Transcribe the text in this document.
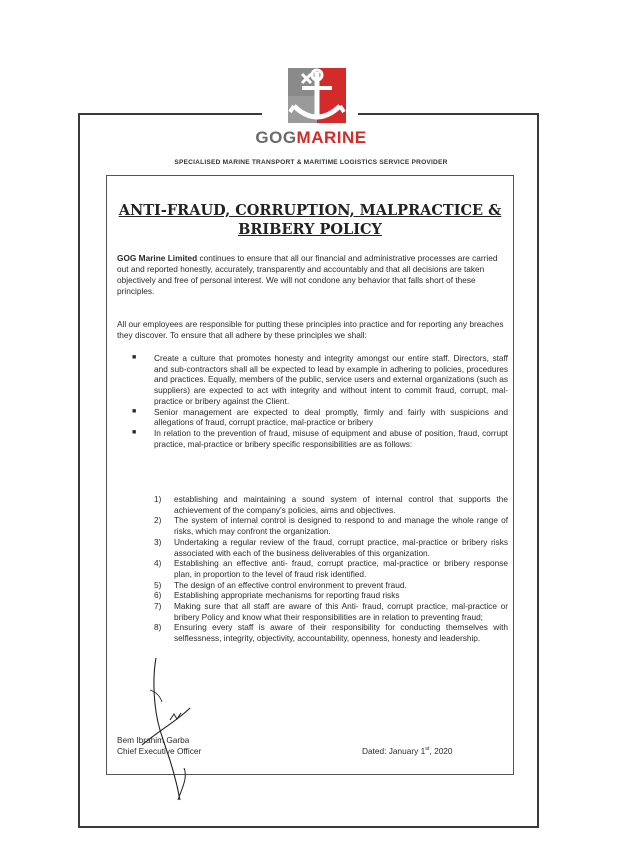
GOGMARINE
SPECIALISED MARINE TRANSPORT & MARITIME LOGISTICS SERVICE PROVIDER
ANTI-FRAUD, CORRUPTION, MALPRACTICE &
BRIBERY POLICY
GOG Marine Limited continues to ensure that all our financial and administrative processes are carried out and reported honestly, accurately, transparently and accountably and that all decisions are taken objectively and free of personal interest. We will not condone any behavior that falls short of these principles.
All our employees are responsible for putting these principles into practice and for reporting any breaches they discover. To ensure that all adhere by these principles we shall:
■ Create a culture that promotes honesty and integrity amongst our entire staff. Directors, staff and sub-contractors shall all be expected to lead by example in adhering to policies, procedures and practices. Equally, members of the public, service users and external organizations (such as suppliers) are expected to act with integrity and without intent to commit fraud, corrupt, mal-practice or bribery against the Client.
■ Senior management are expected to deal promptly, firmly and fairly with suspicions and allegations of fraud, corrupt practice, mal-practice or bribery
■ In relation to the prevention of fraud, misuse of equipment and abuse of position, fraud, corrupt practice, mal-practice or bribery specific responsibilities are as follows:
1) establishing and maintaining a sound system of internal control that supports the achievement of the company's policies, aims and objectives.
2) The system of internal control is designed to respond to and manage the whole range of risks, which may confront the organization.
3) Undertaking a regular review of the fraud, corrupt practice, mal-practice or bribery risks associated with each of the business deliverables of this organization.
4) Establishing an effective anti- fraud, corrupt practice, mal-practice or bribery response plan, in proportion to the level of fraud risk identified.
5) The design of an effective control environment to prevent fraud.
6) Establishing appropriate mechanisms for reporting fraud risks
7) Making sure that all staff are aware of this Anti- fraud, corrupt practice, mal-practice or bribery Policy and know what their responsibilities are in relation to preventing fraud;
8) Ensuring every staff is aware of their responsibility for conducting themselves with selflessness, integrity, objectivity, accountability, openness, honesty and leadership.
Bem Ibrahim Garba
Chief Executive Officer	Dated: January 1st, 2020
